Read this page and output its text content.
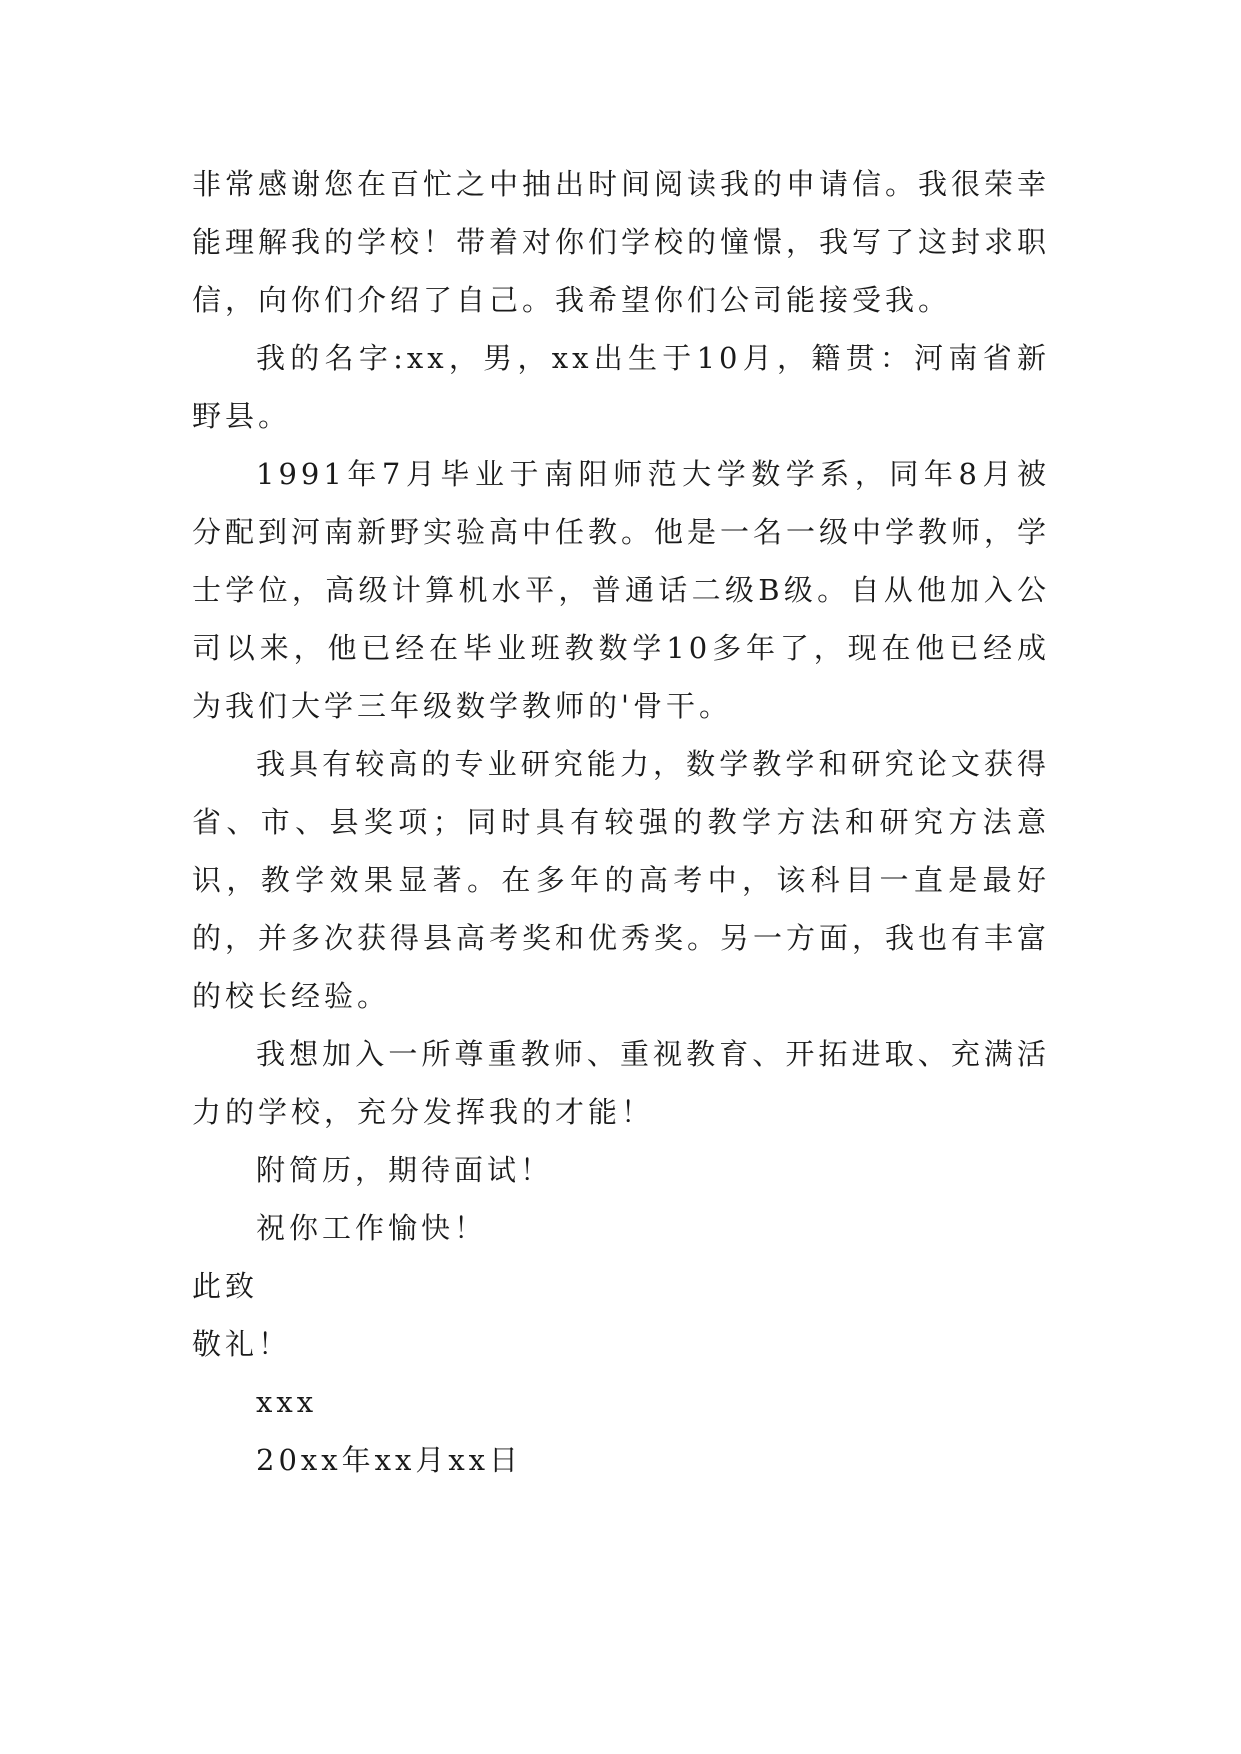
非常感谢您在百忙之中抽出时间阅读我的申请信。我很荣幸能理解我的学校！带着对你们学校的憧憬，我写了这封求职信，向你们介绍了自己。我希望你们公司能接受我。

我的名字:xx，男，xx出生于10月，籍贯：河南省新野县。

1991年7月毕业于南阳师范大学数学系，同年8月被分配到河南新野实验高中任教。他是一名一级中学教师，学士学位，高级计算机水平，普通话二级B级。自从他加入公司以来，他已经在毕业班教数学10多年了，现在他已经成为我们大学三年级数学教师的'骨干。

我具有较高的专业研究能力，数学教学和研究论文获得省、市、县奖项；同时具有较强的教学方法和研究方法意识，教学效果显著。在多年的高考中，该科目一直是最好的，并多次获得县高考奖和优秀奖。另一方面，我也有丰富的校长经验。

我想加入一所尊重教师、重视教育、开拓进取、充满活力的学校，充分发挥我的才能！

附简历，期待面试！

祝你工作愉快！

此致

敬礼！

xxx

20xx年xx月xx日
